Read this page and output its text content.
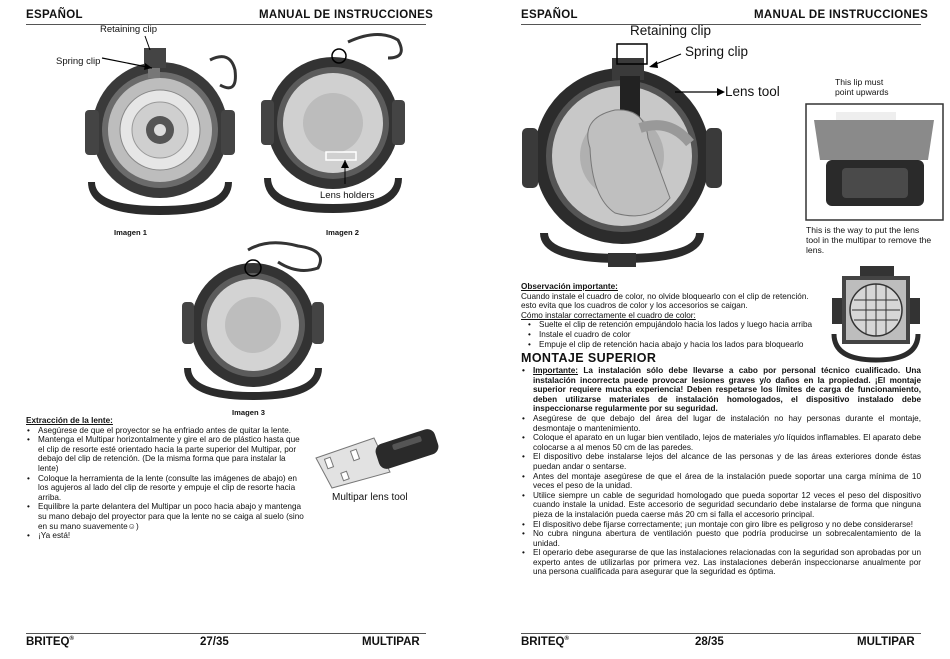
ESPAÑOL	MANUAL DE INSTRUCCIONES
Retaining clip
Spring clip
Imagen 1
Lens holders
Imagen 2
Imagen 3
Extracción de la lente:
• Asegúrese de que el proyector se ha enfriado antes de quitar la lente.
• Mantenga el Multipar horizontalmente y gire el aro de plástico hasta que el clip de resorte esté orientado hacia la parte superior del Multipar, por debajo del clip de retención. (De la misma forma que para instalar la lente)
• Coloque la herramienta de la lente (consulte las imágenes de abajo) en los agujeros al lado del clip de resorte y empuje el clip de resorte hacia arriba.
• Equilibre la parte delantera del Multipar un poco hacia abajo y mantenga su mano debajo del proyector para que la lente no se caiga al suelo (sino en su mano suavemente☺)
• ¡Ya está!
Multipar lens tool
BRITEQ®	27/35	MULTIPAR
ESPAÑOL	MANUAL DE INSTRUCCIONES
Retaining clip
Spring clip
Lens tool
This lip must
point upwards
This is the way to put the lens
tool in the multipar to remove the lens.
Observación importante:
Cuando instale el cuadro de color, no olvide bloquearlo con el clip de retención. esto evita que los cuadros de color y los accesorios se caigan.
Cómo instalar correctamente el cuadro de color:
• Suelte el clip de retención empujándolo hacia los lados y luego hacia arriba
• Instale el cuadro de color
• Empuje el clip de retención hacia abajo y hacia los lados para bloquearlo
MONTAJE SUPERIOR
• Importante: La instalación sólo debe llevarse a cabo por personal técnico cualificado. Una instalación incorrecta puede provocar lesiones graves y/o daños en la propiedad. ¡El montaje superior requiere mucha experiencia! Deben respetarse los límites de carga de funcionamiento, deben utilizarse materiales de instalación homologados, el dispositivo instalado debe inspeccionarse regularmente por su seguridad.
• Asegúrese de que debajo del área del lugar de instalación no hay personas durante el montaje, desmontaje o mantenimiento.
• Coloque el aparato en un lugar bien ventilado, lejos de materiales y/o líquidos inflamables. El aparato debe colocarse a al menos 50 cm de las paredes.
• El dispositivo debe instalarse lejos del alcance de las personas y de las áreas exteriores donde éstas puedan andar o sentarse.
• Antes del montaje asegúrese de que el área de la instalación puede soportar una carga mínima de 10 veces el peso de la unidad.
• Utilice siempre un cable de seguridad homologado que pueda soportar 12 veces el peso del dispositivo cuando instale la unidad. Este accesorio de seguridad secundario debe instalarse de forma que ninguna pieza de la instalación pueda caerse más 20 cm si falla el accesorio principal.
• El dispositivo debe fijarse correctamente; ¡un montaje con giro libre es peligroso y no debe considerarse!
• No cubra ninguna abertura de ventilación puesto que podría producirse un sobrecalentamiento de la unidad.
• El operario debe asegurarse de que las instalaciones relacionadas con la seguridad son aprobadas por un experto antes de utilizarlas por primera vez. Las instalaciones deberán inspeccionarse anualmente por una persona cualificada para asegurar que la seguridad es óptima.
BRITEQ®	28/35	MULTIPAR
